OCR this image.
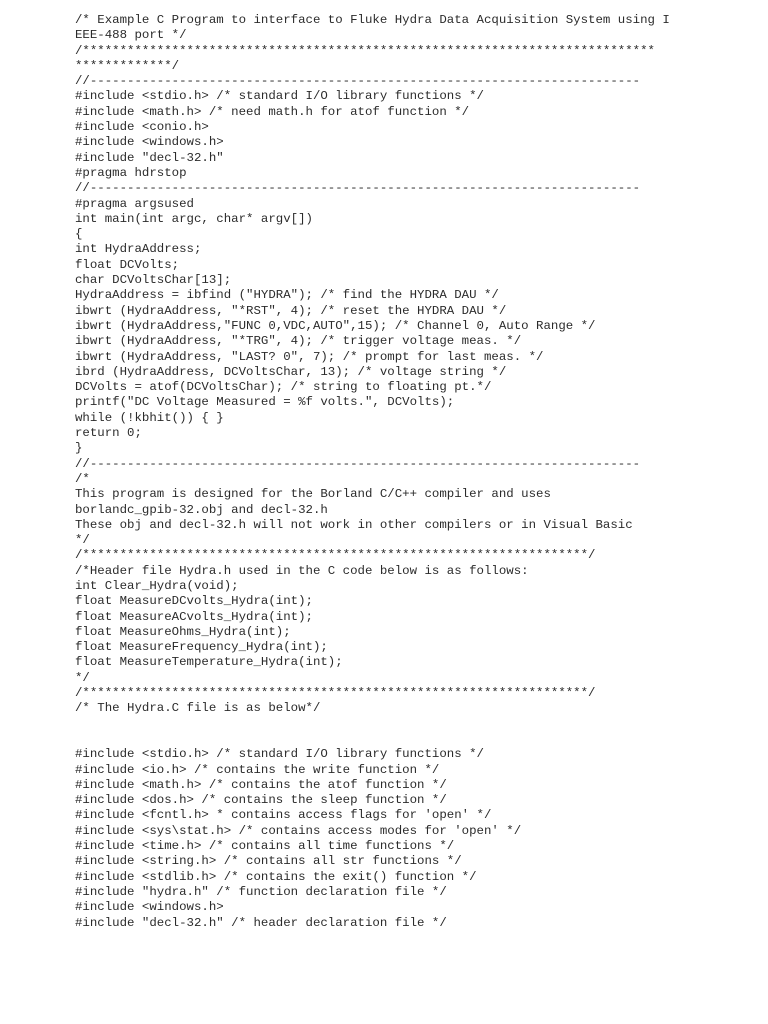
/* Example C Program to interface to Fluke Hydra Data Acquisition System using I
EEE-488 port */
/*****************************************************************************
*************/
//--------------------------------------------------------------------------
#include <stdio.h> /* standard I/O library functions */
#include <math.h> /* need math.h for atof function */
#include <conio.h>
#include <windows.h>
#include "decl-32.h"
#pragma hdrstop
//--------------------------------------------------------------------------
#pragma argsused
int main(int argc, char* argv[])
{
int HydraAddress;
float DCVolts;
char DCVoltsChar[13];
HydraAddress = ibfind ("HYDRA"); /* find the HYDRA DAU */
ibwrt (HydraAddress, "*RST", 4); /* reset the HYDRA DAU */
ibwrt (HydraAddress,"FUNC 0,VDC,AUTO",15); /* Channel 0, Auto Range */
ibwrt (HydraAddress, "*TRG", 4); /* trigger voltage meas. */
ibwrt (HydraAddress, "LAST? 0", 7); /* prompt for last meas. */
ibrd (HydraAddress, DCVoltsChar, 13); /* voltage string */
DCVolts = atof(DCVoltsChar); /* string to floating pt.*/
printf("DC Voltage Measured = %f volts.", DCVolts);
while (!kbhit()) { }
return 0;
}
//--------------------------------------------------------------------------
/*
This program is designed for the Borland C/C++ compiler and uses
borlandc_gpib-32.obj and decl-32.h
These obj and decl-32.h will not work in other compilers or in Visual Basic
*/
/********************************************************************/
/*Header file Hydra.h used in the C code below is as follows:
int Clear_Hydra(void);
float MeasureDCvolts_Hydra(int);
float MeasureACvolts_Hydra(int);
float MeasureOhms_Hydra(int);
float MeasureFrequency_Hydra(int);
float MeasureTemperature_Hydra(int);
*/
/********************************************************************/
/* The Hydra.C file is as below*/
#include <stdio.h> /* standard I/O library functions */
#include <io.h> /* contains the write function */
#include <math.h> /* contains the atof function */
#include <dos.h> /* contains the sleep function */
#include <fcntl.h> * contains access flags for 'open' */
#include <sys\stat.h> /* contains access modes for 'open' */
#include <time.h> /* contains all time functions */
#include <string.h> /* contains all str functions */
#include <stdlib.h> /* contains the exit() function */
#include "hydra.h" /* function declaration file */
#include <windows.h>
#include "decl-32.h" /* header declaration file */
